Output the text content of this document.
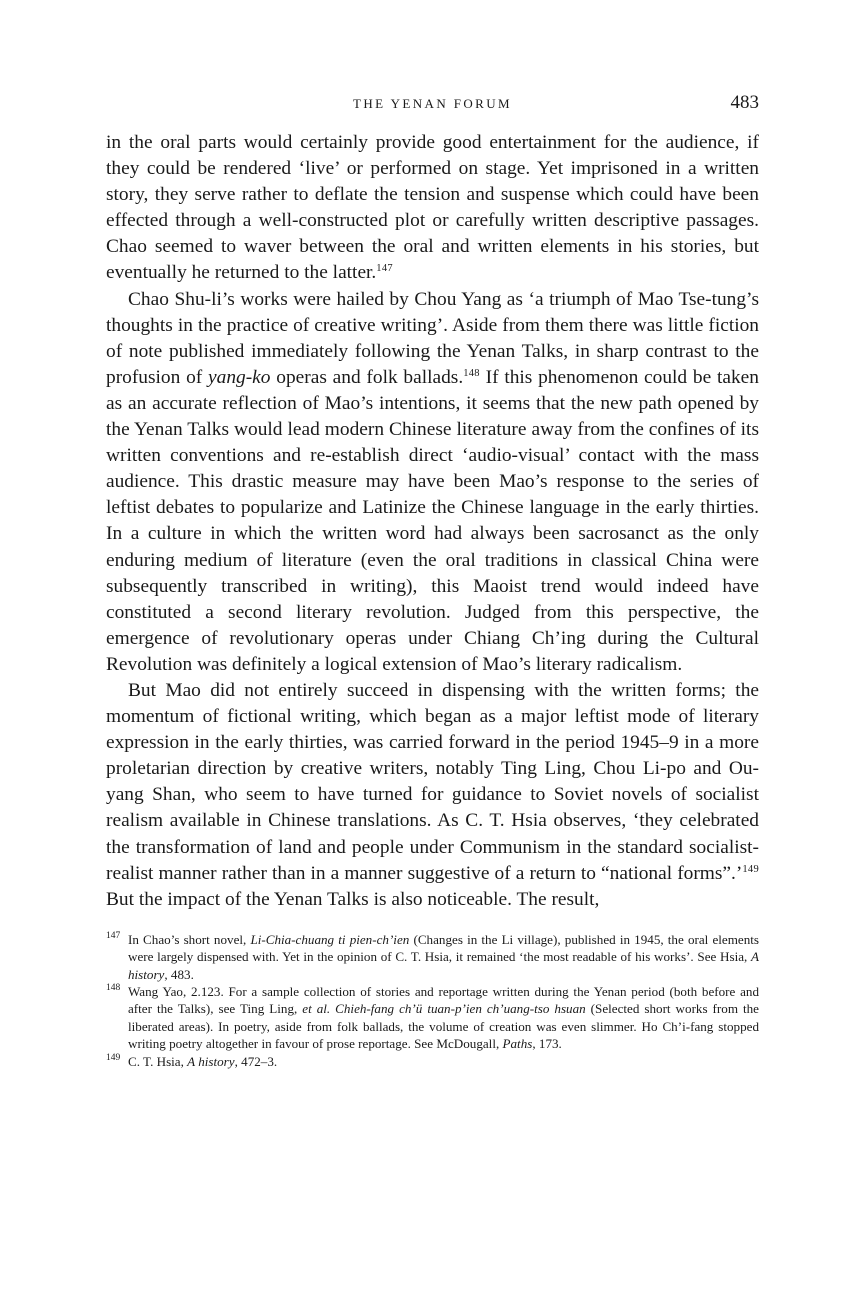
THE YENAN FORUM	483

in the oral parts would certainly provide good entertainment for the audience, if they could be rendered ‘live’ or performed on stage. Yet imprisoned in a written story, they serve rather to deflate the tension and suspense which could have been effected through a well-constructed plot or carefully written descriptive passages. Chao seemed to waver between the oral and written elements in his stories, but eventually he returned to the latter.$^{147}$

Chao Shu-li’s works were hailed by Chou Yang as ‘a triumph of Mao Tse-tung’s thoughts in the practice of creative writing’. Aside from them there was little fiction of note published immediately following the Yenan Talks, in sharp contrast to the profusion of yang-ko operas and folk ballads.$^{148}$ If this phenomenon could be taken as an accurate reflection of Mao’s intentions, it seems that the new path opened by the Yenan Talks would lead modern Chinese literature away from the confines of its written conventions and re-establish direct ‘audio-visual’ contact with the mass audience. This drastic measure may have been Mao’s response to the series of leftist debates to popularize and Latinize the Chinese language in the early thirties. In a culture in which the written word had always been sacrosanct as the only enduring medium of literature (even the oral traditions in classical China were subsequently transcribed in writing), this Maoist trend would indeed have constituted a second literary revolution. Judged from this perspective, the emergence of revolutionary operas under Chiang Ch’ing during the Cultural Revolution was definitely a logical extension of Mao’s literary radicalism.

But Mao did not entirely succeed in dispensing with the written forms; the momentum of fictional writing, which began as a major leftist mode of literary expression in the early thirties, was carried forward in the period 1945–9 in a more proletarian direction by creative writers, notably Ting Ling, Chou Li-po and Ou-yang Shan, who seem to have turned for guidance to Soviet novels of socialist realism available in Chinese translations. As C. T. Hsia observes, ‘they celebrated the transformation of land and people under Communism in the standard socialist-realist manner rather than in a manner suggestive of a return to “national forms”.’$^{149}$ But the impact of the Yenan Talks is also noticeable. The result,

147 In Chao’s short novel, Li-Chia-chuang ti pien-ch’ien (Changes in the Li village), published in 1945, the oral elements were largely dispensed with. Yet in the opinion of C. T. Hsia, it remained ‘the most readable of his works’. See Hsia, A history, 483.
148 Wang Yao, 2.123. For a sample collection of stories and reportage written during the Yenan period (both before and after the Talks), see Ting Ling, et al. Chieh-fang ch’ü tuan-p’ien ch’uang-tso hsuan (Selected short works from the liberated areas). In poetry, aside from folk ballads, the volume of creation was even slimmer. Ho Ch’i-fang stopped writing poetry altogether in favour of prose reportage. See McDougall, Paths, 173.
149 C. T. Hsia, A history, 472–3.
